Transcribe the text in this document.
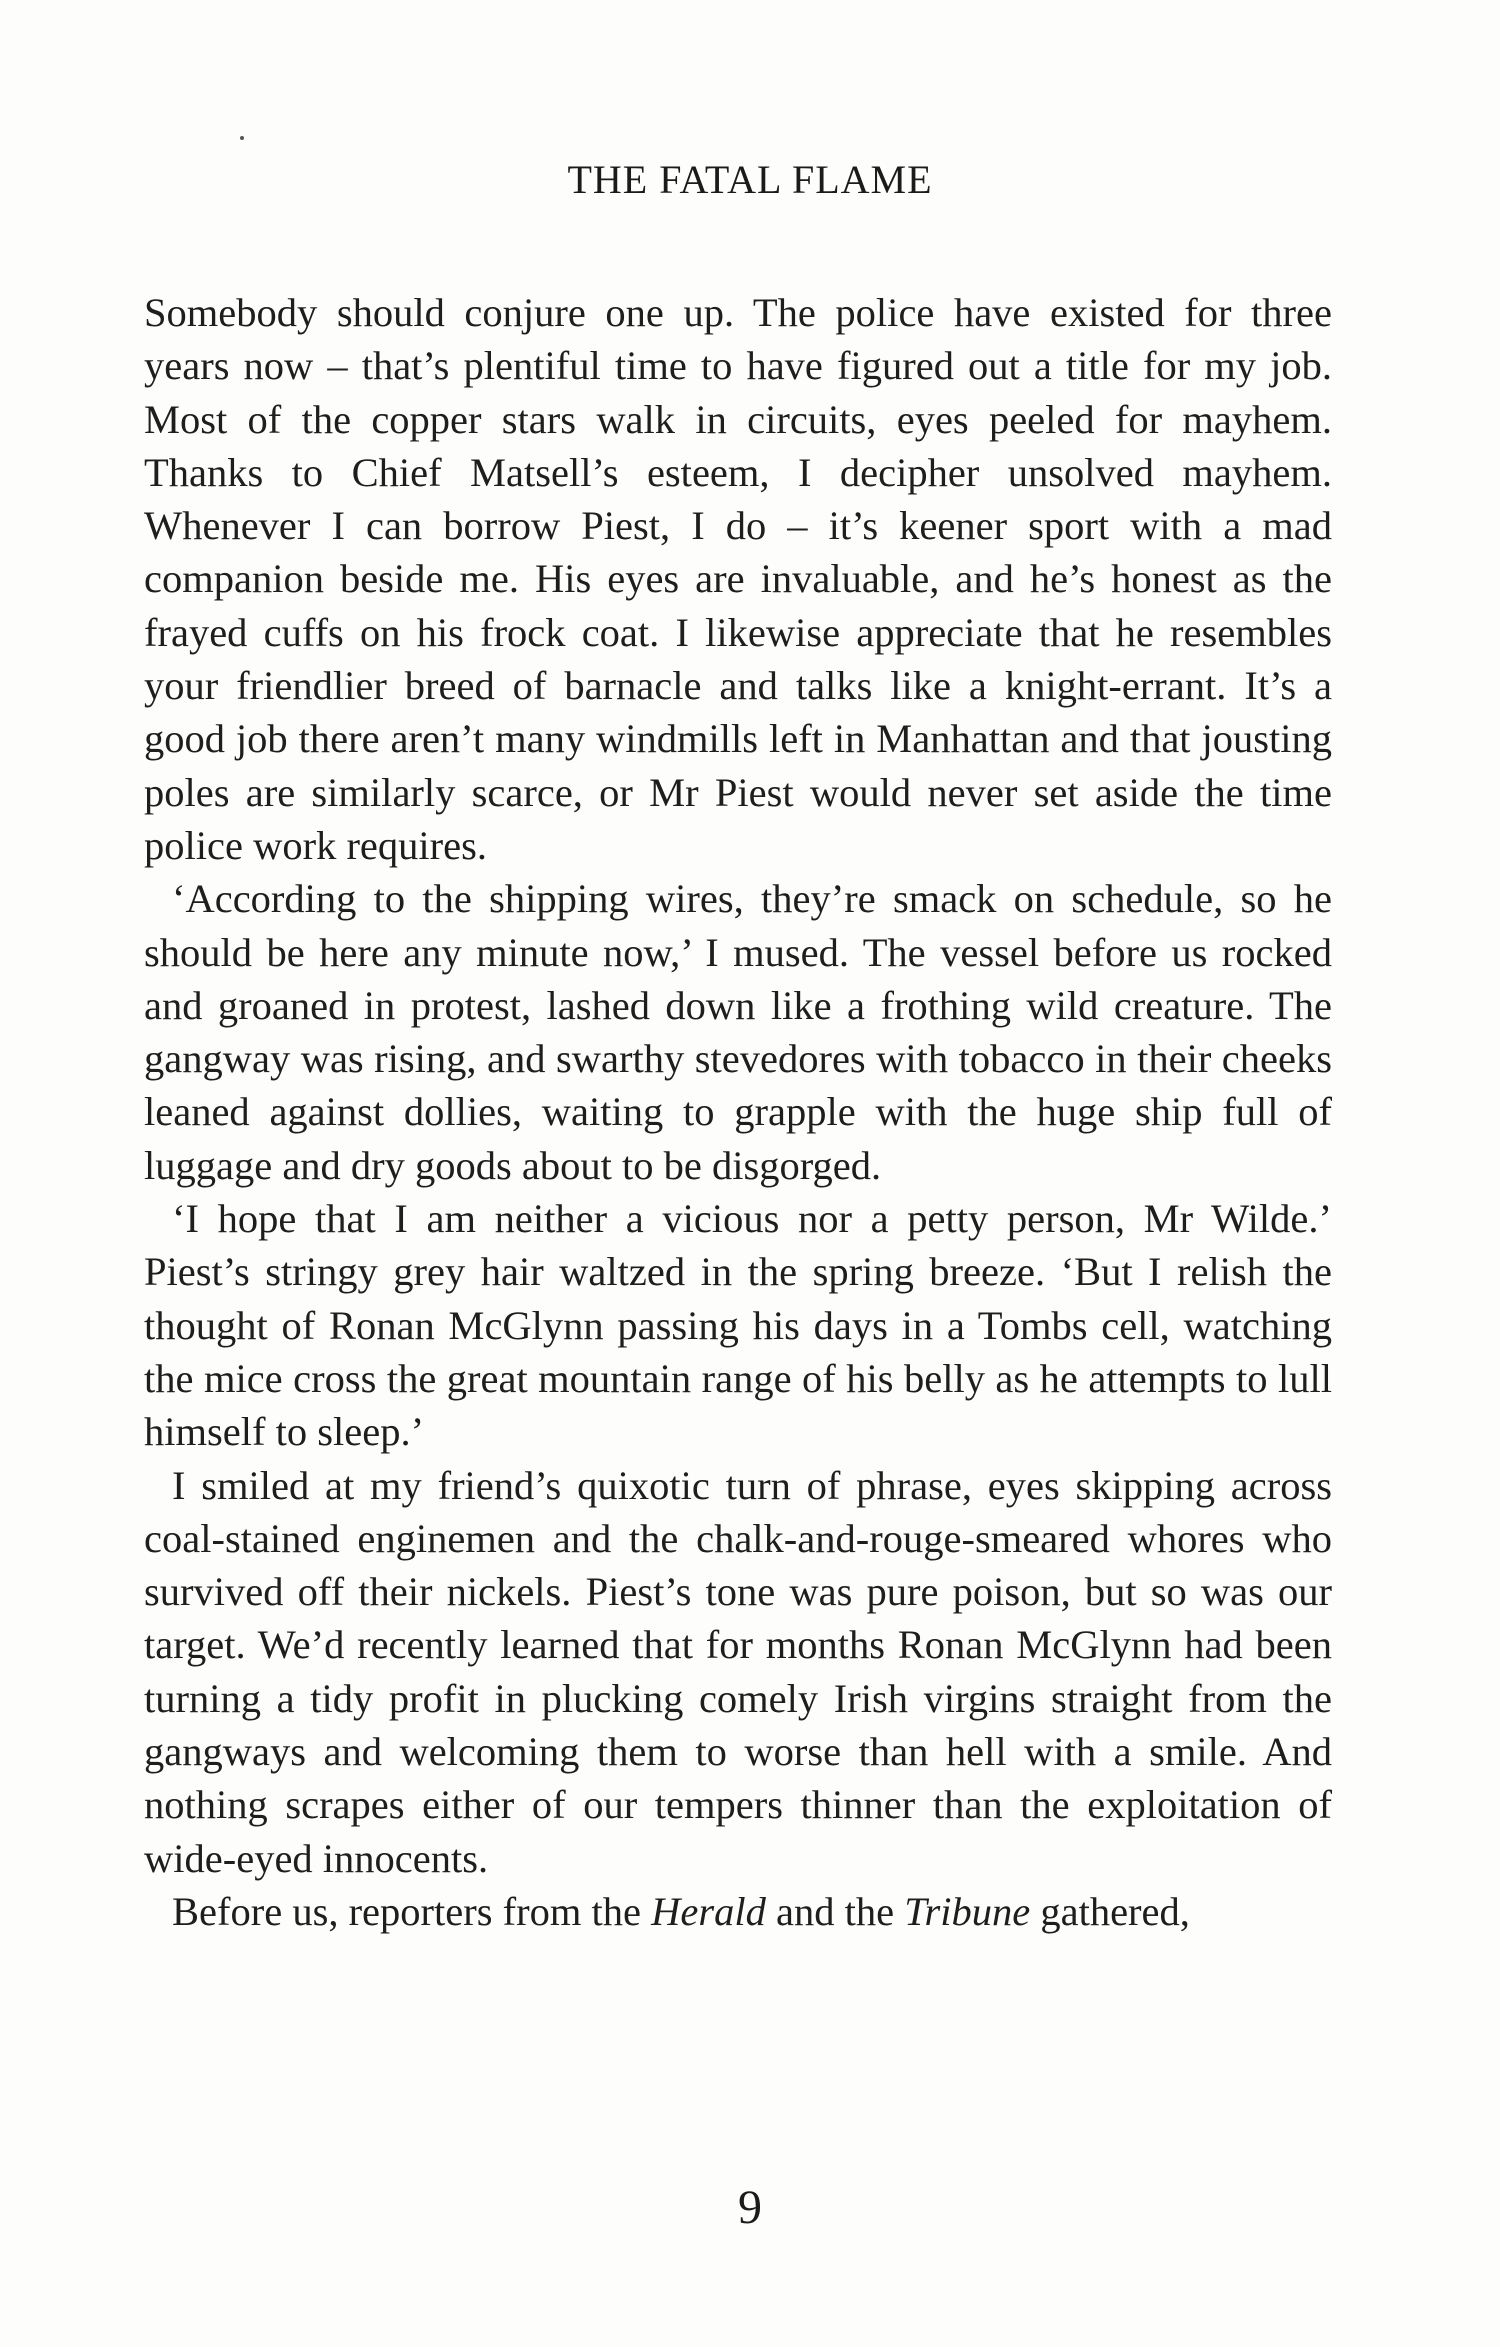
THE FATAL FLAME

Somebody should conjure one up. The police have existed for three years now – that’s plentiful time to have figured out a title for my job. Most of the copper stars walk in circuits, eyes peeled for mayhem. Thanks to Chief Matsell’s esteem, I decipher unsolved mayhem. Whenever I can borrow Piest, I do – it’s keener sport with a mad companion beside me. His eyes are invaluable, and he’s honest as the frayed cuffs on his frock coat. I likewise appreciate that he resembles your friendlier breed of barnacle and talks like a knight-errant. It’s a good job there aren’t many windmills left in Manhattan and that jousting poles are similarly scarce, or Mr Piest would never set aside the time police work requires.

‘According to the shipping wires, they’re smack on schedule, so he should be here any minute now,’ I mused. The vessel before us rocked and groaned in protest, lashed down like a frothing wild creature. The gangway was rising, and swarthy stevedores with tobacco in their cheeks leaned against dollies, waiting to grapple with the huge ship full of luggage and dry goods about to be disgorged.

‘I hope that I am neither a vicious nor a petty person, Mr Wilde.’ Piest’s stringy grey hair waltzed in the spring breeze. ‘But I relish the thought of Ronan McGlynn passing his days in a Tombs cell, watching the mice cross the great mountain range of his belly as he attempts to lull himself to sleep.’

I smiled at my friend’s quixotic turn of phrase, eyes skipping across coal-stained enginemen and the chalk-and-rouge-smeared whores who survived off their nickels. Piest’s tone was pure poison, but so was our target. We’d recently learned that for months Ronan McGlynn had been turning a tidy profit in plucking comely Irish virgins straight from the gangways and welcoming them to worse than hell with a smile. And nothing scrapes either of our tempers thinner than the exploitation of wide-eyed innocents.

Before us, reporters from the Herald and the Tribune gathered,

9
